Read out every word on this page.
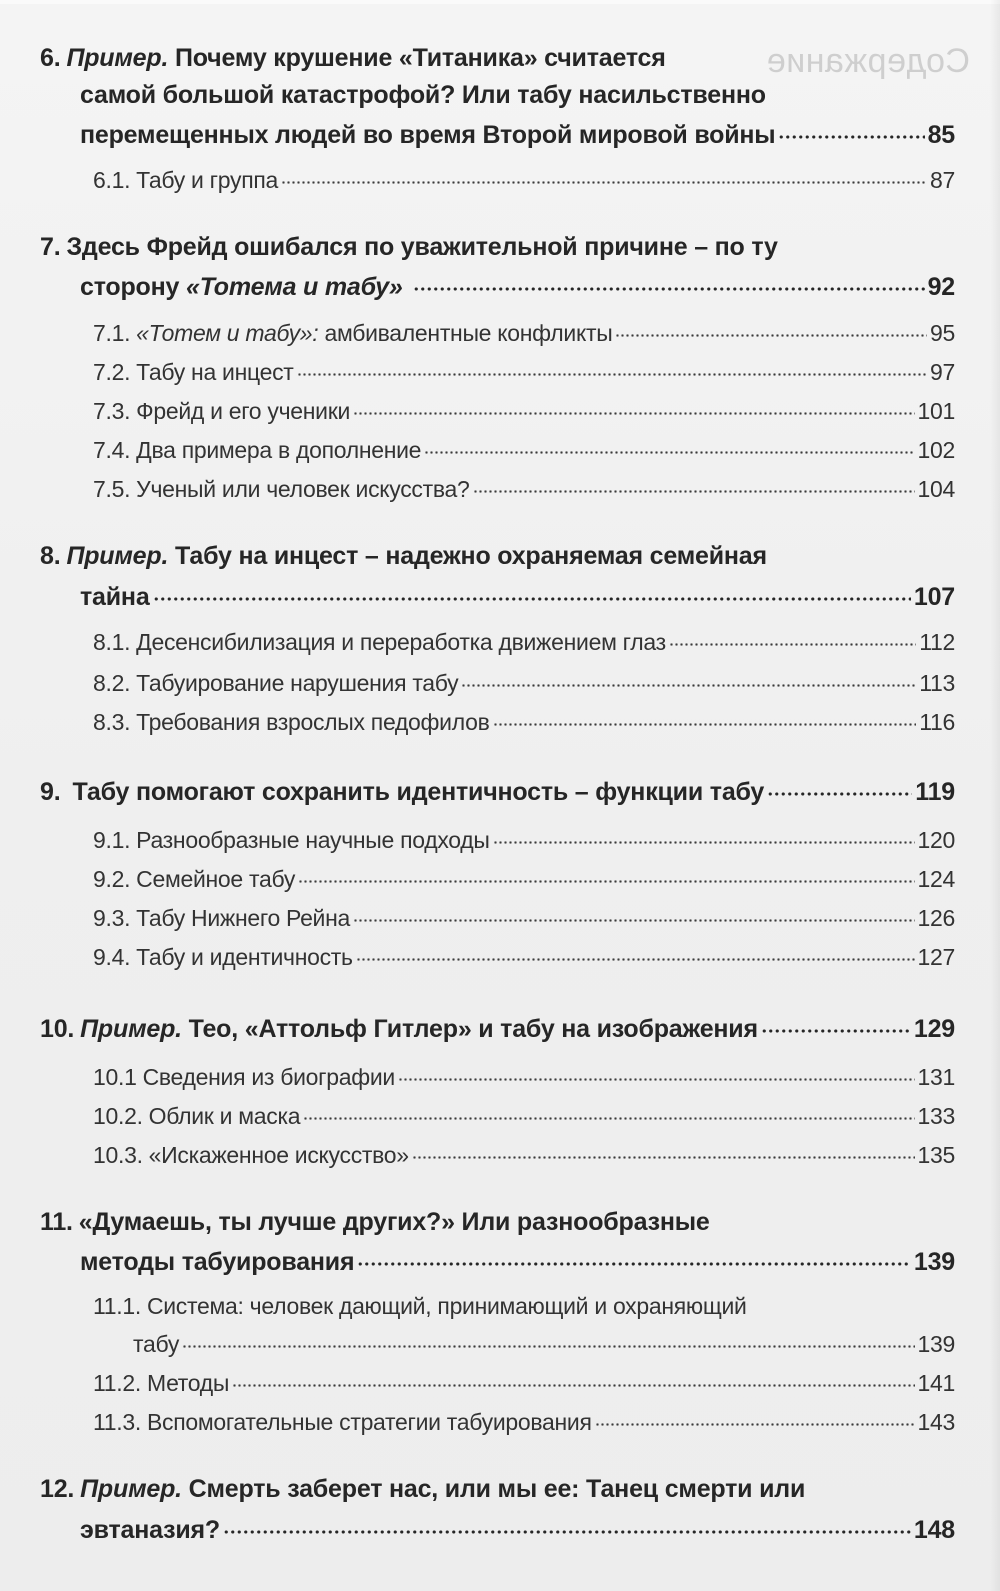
Содержание
6. Пример.
Почему крушение «Титаника» считается
самой большой катастрофой? Или табу насильственно
перемещенных людей во время Второй мировой войны	85
6.1. Табу и группа	87
7. Здесь Фрейд ошибался по уважительной причине – по ту
сторону «Тотема и табу»	92
7.1. «Тотем и табу»: амбивалентные конфликты	95
7.2. Табу на инцест	97
7.3. Фрейд и его ученики	101
7.4. Два примера в дополнение	102
7.5. Ученый или человек искусства?	104
8. Пример.
Табу на инцест – надежно охраняемая семейная
тайна	107
8.1. Десенсибилизация и переработка движением глаз	112
8.2. Табуирование нарушения табу	113
8.3. Требования взрослых педофилов	116
9. Табу помогают сохранить идентичность – функции табу	119
9.1. Разнообразные научные подходы	120
9.2. Семейное табу	124
9.3. Табу Нижнего Рейна	126
9.4. Табу и идентичность	127
10. Пример.
Тео, «Аттольф Гитлер» и табу на изображения	129
10.1 Сведения из биографии	131
10.2. Облик и маска	133
10.3. «Искаженное искусство»	135
11. «Думаешь, ты лучше других?» Или разнообразные
методы табуирования	139
11.1. Система: человек дающий, принимающий и охраняющий
табу	139
11.2. Методы	141
11.3. Вспомогательные стратегии табуирования	143
12. Пример.
Смерть заберет нас, или мы ее: Танец смерти или
эвтаназия?	148
